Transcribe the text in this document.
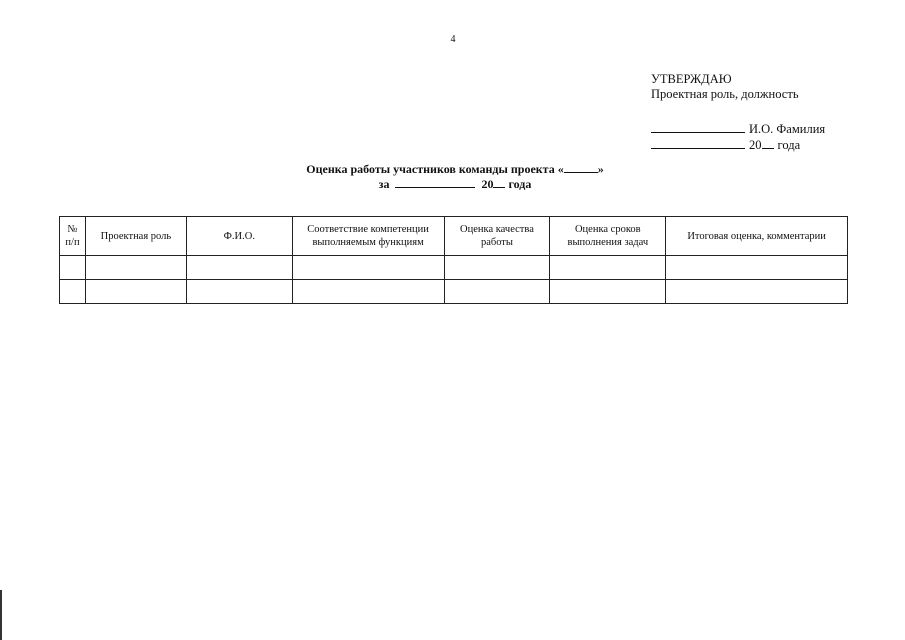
4
УТВЕРЖДАЮ
Проектная роль, должность
И.О. Фамилия
20 года
Оценка работы участников команды проекта «	»
за	20 года
№ п/п	Проектная роль	Ф.И.О.	Соответствие компетенции выполняемым функциям	Оценка качества работы	Оценка сроков выполнения задач	Итоговая оценка, комментарии
